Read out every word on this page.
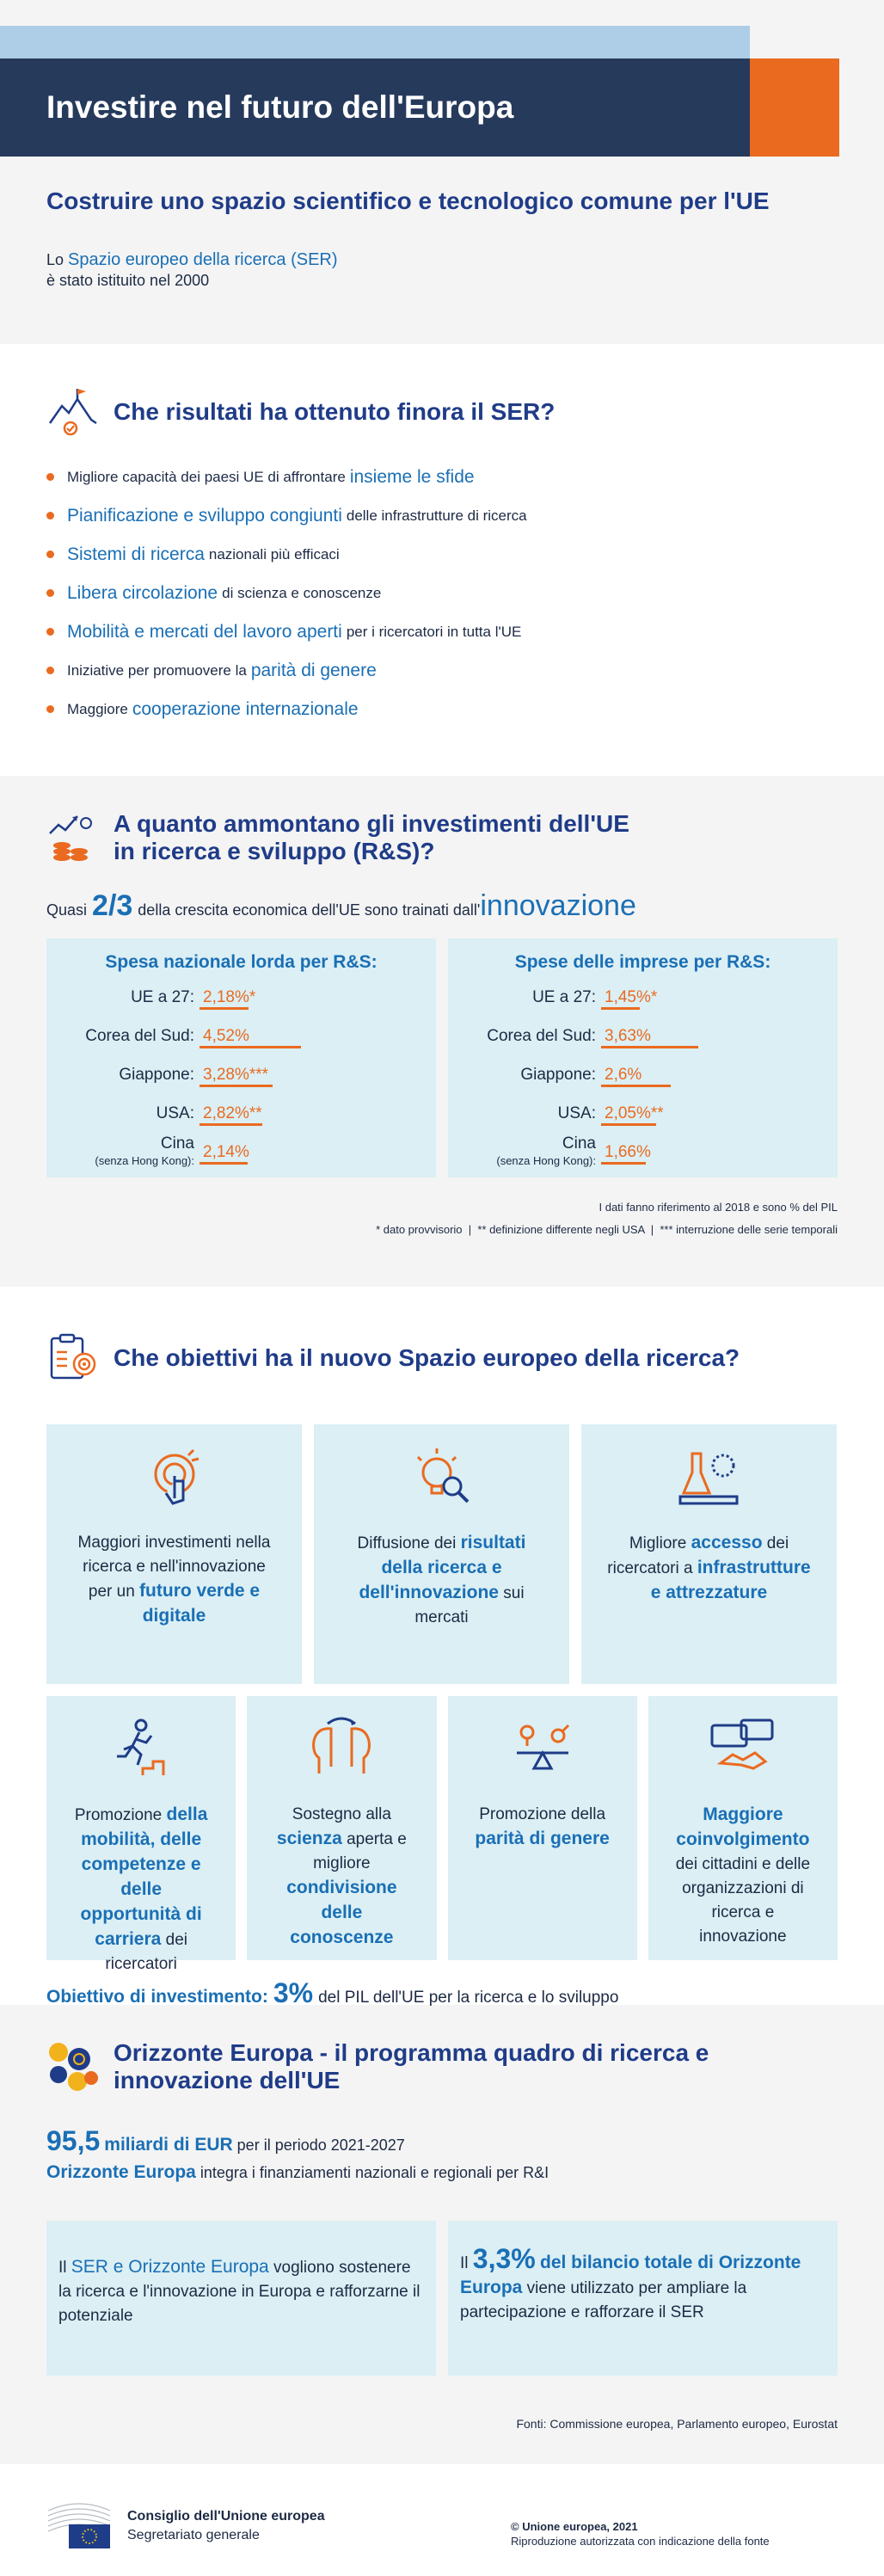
Investire nel futuro dell'Europa
Costruire uno spazio scientifico e tecnologico comune per l'UE

Lo Spazio europeo della ricerca (SER)
è stato istituito nel 2000

Che risultati ha ottenuto finora il SER?
Migliore capacità dei paesi UE di affrontare insieme le sfide
Pianificazione e sviluppo congiunti delle infrastrutture di ricerca
Sistemi di ricerca nazionali più efficaci
Libera circolazione di scienza e conoscenze
Mobilità e mercati del lavoro aperti per i ricercatori in tutta l'UE
Iniziative per promuovere la parità di genere
Maggiore cooperazione internazionale
A quanto ammontano gli investimenti dell'UE
in ricerca e sviluppo (R&S)?
Quasi 2/3 della crescita economica dell'UE sono trainati dall' innovazione
Spesa nazionale lorda per R&S:
UE a 27: 2,18%*
Corea del Sud: 4,52%
Giappone: 3,28%***
USA: 2,82%**
Cina
(senza Hong Kong): 2,14%
Spese delle imprese per R&S:
UE a 27: 1,45%*
Corea del Sud: 3,63%
Giappone: 2,6%
USA: 2,05%**
Cina
(senza Hong Kong): 1,66%
I dati fanno riferimento al 2018 e sono % del PIL
* dato provvisorio  |  ** definizione differente negli USA  |  *** interruzione delle serie temporali
Che obiettivi ha il nuovo Spazio europeo della ricerca?
Maggiori investimenti nella ricerca e nell'innovazione per un futuro verde e digitale
Diffusione dei risultati della ricerca e dell'innovazione sui mercati
Migliore accesso dei ricercatori a infrastrutture e attrezzature
Promozione della mobilità, delle competenze e delle opportunità di carriera dei ricercatori
Sostegno alla scienza aperta e migliore condivisione delle conoscenze
Promozione della parità di genere
Maggiore coinvolgimento dei cittadini e delle organizzazioni di ricerca e innovazione
Obiettivo di investimento: 3% del PIL dell'UE per la ricerca e lo sviluppo
Orizzonte Europa - il programma quadro di ricerca e
innovazione dell'UE
95,5 miliardi di EUR per il periodo 2021-2027
Orizzonte Europa integra i finanziamenti nazionali e regionali per R&I
Il SER e Orizzonte Europa vogliono sostenere la ricerca e l'innovazione in Europa e rafforzarne il potenziale
Il 3,3% del bilancio totale di Orizzonte Europa viene utilizzato per ampliare la partecipazione e rafforzare il SER
Fonti: Commissione europea, Parlamento europeo, Eurostat
Consiglio dell'Unione europea
Segretariato generale
© Unione europea, 2021
Riproduzione autorizzata con indicazione della fonte
